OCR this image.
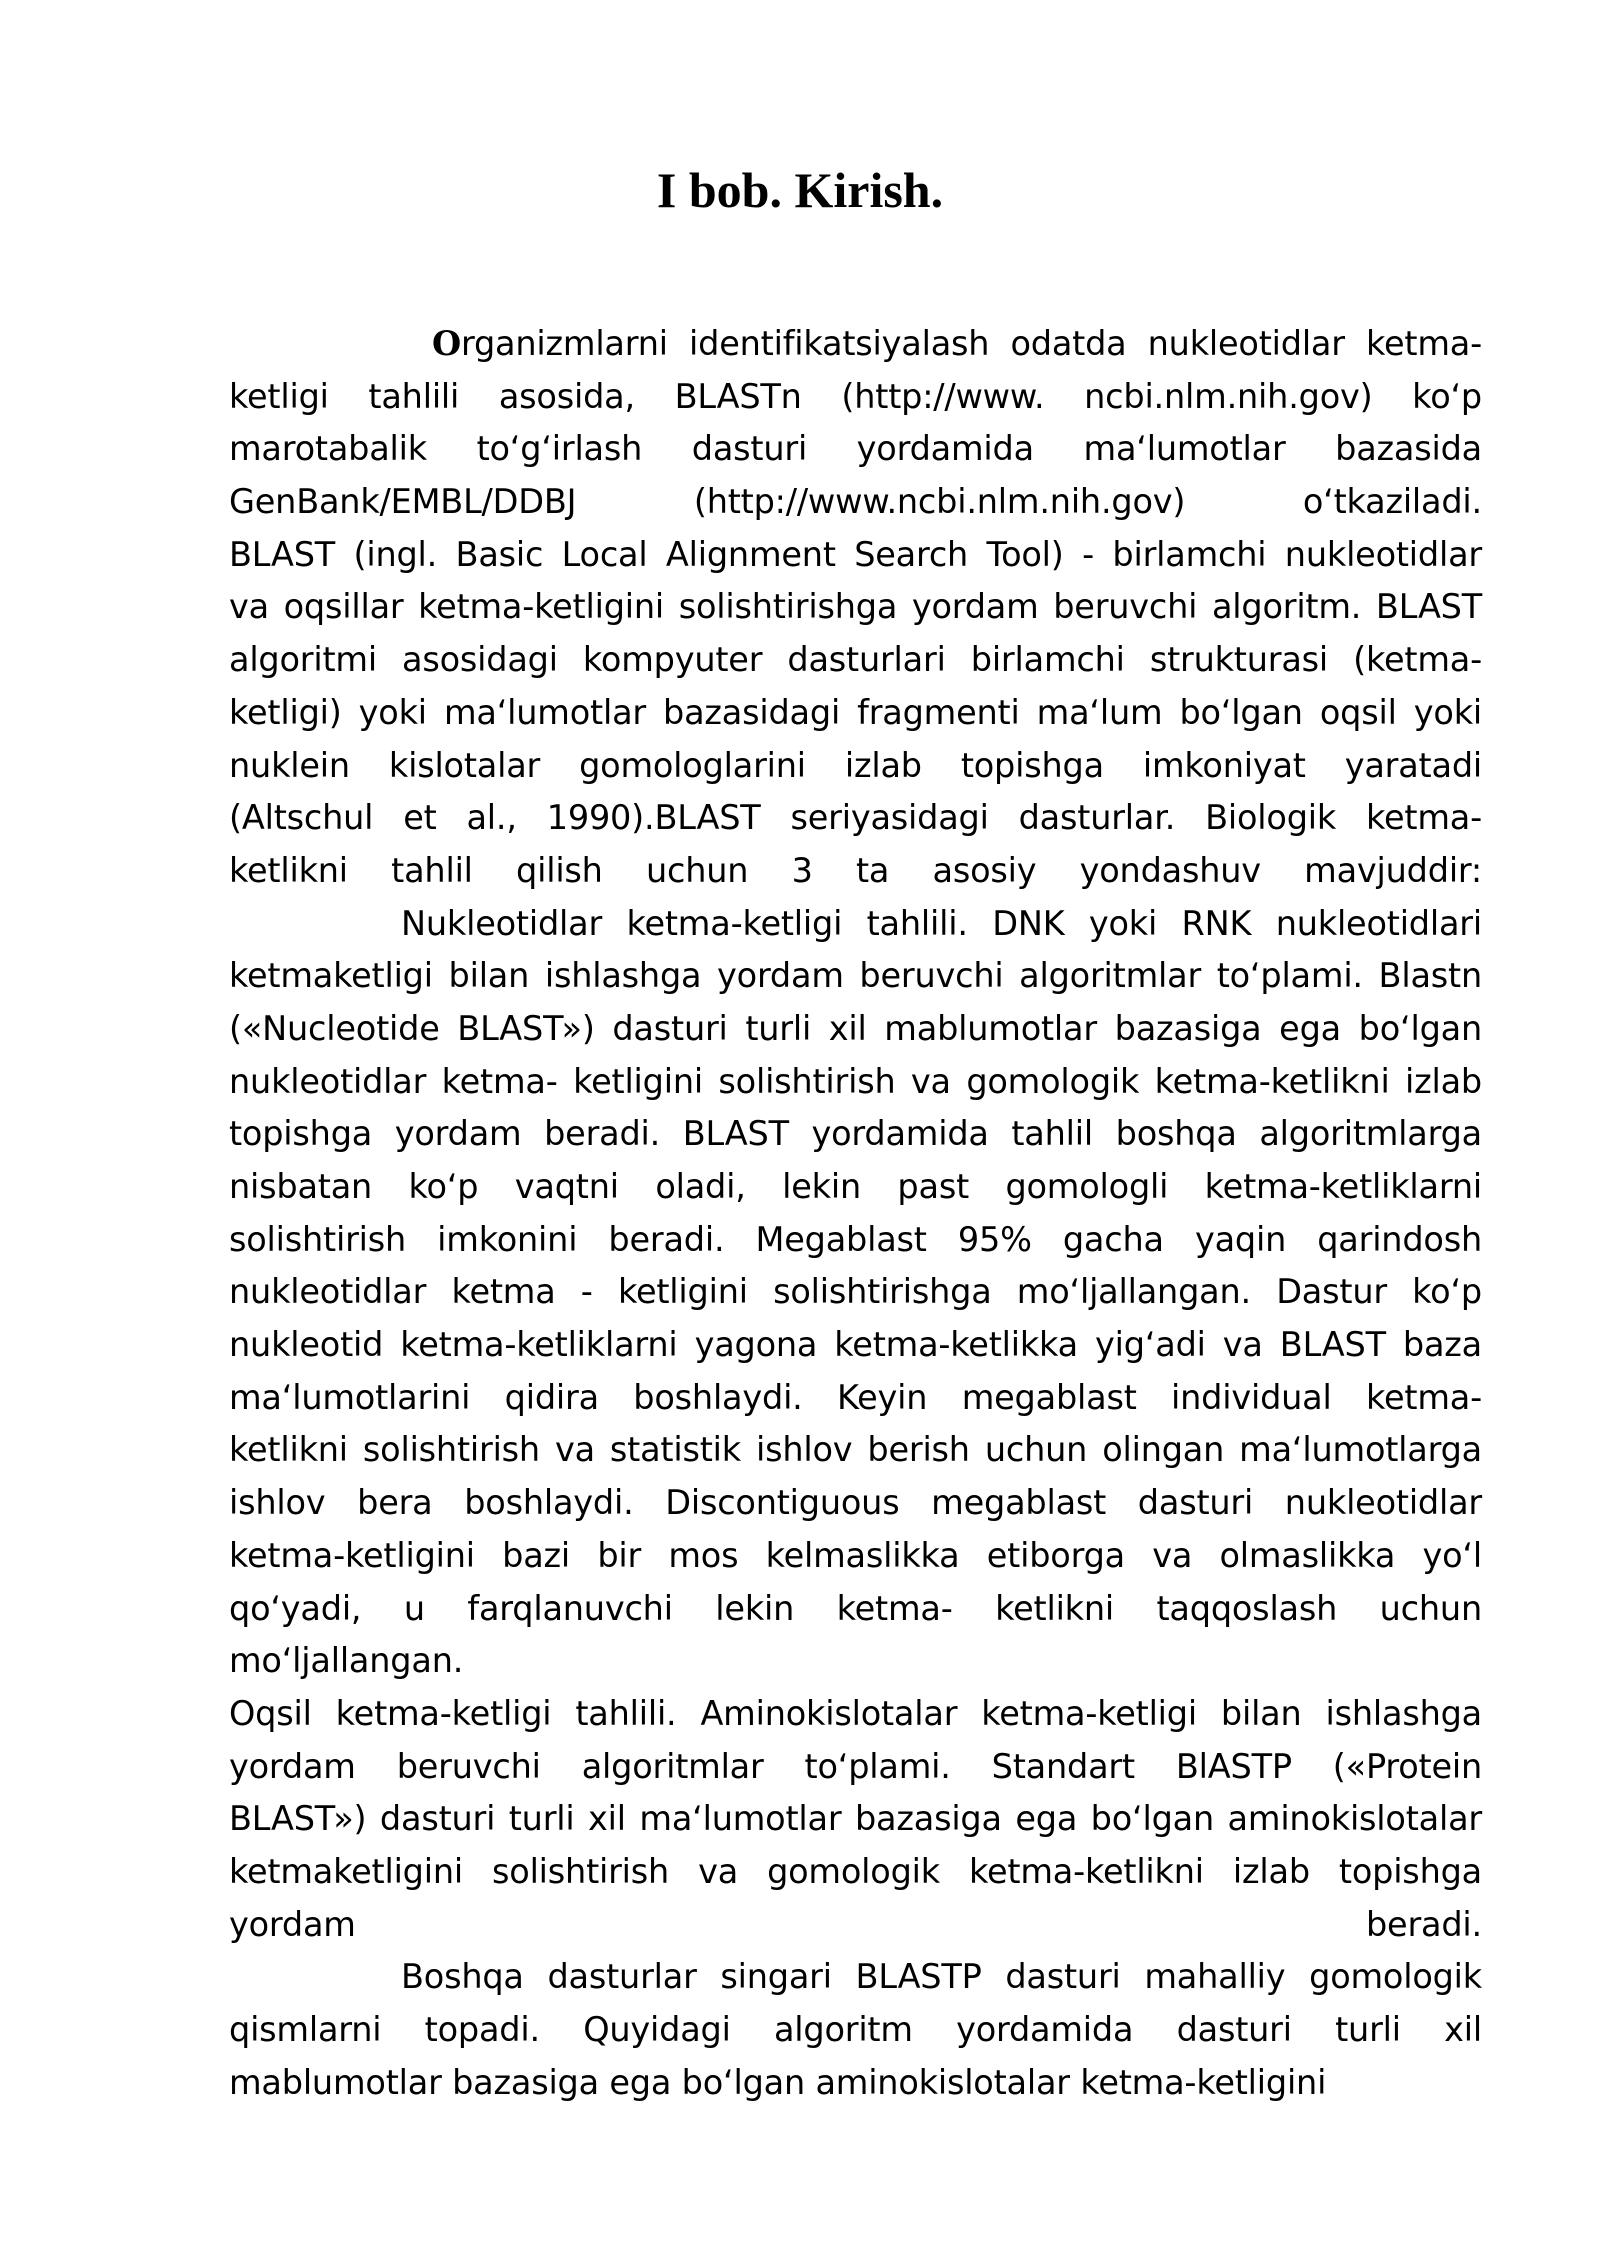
I bob. Kirish.
Organizmlarni identifikatsiyalash odatda nukleotidlar ketma-
ketligi tahlili asosida, BLASTn (http://www. ncbi.nlm.nih.gov) ko‘p
marotabalik to‘g‘irlash dasturi yordamida ma‘lumotlar bazasida
GenBank/EMBL/DDBJ (http://www.ncbi.nlm.nih.gov) o‘tkaziladi.
BLAST (ingl. Basic Local Alignment Search Tool) - birlamchi nukleotidlar
va oqsillar ketma-ketligini solishtirishga yordam beruvchi algoritm. BLAST
algoritmi asosidagi kompyuter dasturlari birlamchi strukturasi (ketma-
ketligi) yoki ma‘lumotlar bazasidagi fragmenti ma‘lum bo‘lgan oqsil yoki
nuklein kislotalar gomologlarini izlab topishga imkoniyat yaratadi
(Altschul et al., 1990).BLAST seriyasidagi dasturlar. Biologik ketma-
ketlikni tahlil qilish uchun 3 ta asosiy yondashuv mavjuddir:
Nukleotidlar ketma-ketligi tahlili. DNK yoki RNK nukleotidlari
ketmaketligi bilan ishlashga yordam beruvchi algoritmlar to‘plami. Blastn
(«Nucleotide BLAST») dasturi turli xil mablumotlar bazasiga ega bo‘lgan
nukleotidlar ketma- ketligini solishtirish va gomologik ketma-ketlikni izlab
topishga yordam beradi. BLAST yordamida tahlil boshqa algoritmlarga
nisbatan ko‘p vaqtni oladi, lekin past gomologli ketma-ketliklarni
solishtirish imkonini beradi. Megablast 95% gacha yaqin qarindosh
nukleotidlar ketma - ketligini solishtirishga mo‘ljallangan. Dastur ko‘p
nukleotid ketma-ketliklarni yagona ketma-ketlikka yig‘adi va BLAST baza
ma‘lumotlarini qidira boshlaydi. Keyin megablast individual ketma-
ketlikni solishtirish va statistik ishlov berish uchun olingan ma‘lumotlarga
ishlov bera boshlaydi. Discontiguous megablast dasturi nukleotidlar
ketma-ketligini bazi bir mos kelmaslikka etiborga va olmaslikka yo‘l
qo‘yadi, u farqlanuvchi lekin ketma- ketlikni taqqoslash uchun
mo‘ljallangan.
Oqsil ketma-ketligi tahlili. Aminokislotalar ketma-ketligi bilan ishlashga
yordam beruvchi algoritmlar to‘plami. Standart BlASTP («Protein
BLAST») dasturi turli xil ma‘lumotlar bazasiga ega bo‘lgan aminokislotalar
ketmaketligini solishtirish va gomologik ketma-ketlikni izlab topishga
yordam beradi.
Boshqa dasturlar singari BLASTP dasturi mahalliy gomologik
qismlarni topadi. Quyidagi algoritm yordamida dasturi turli xil
mablumotlar bazasiga ega bo‘lgan aminokislotalar ketma-ketligini
